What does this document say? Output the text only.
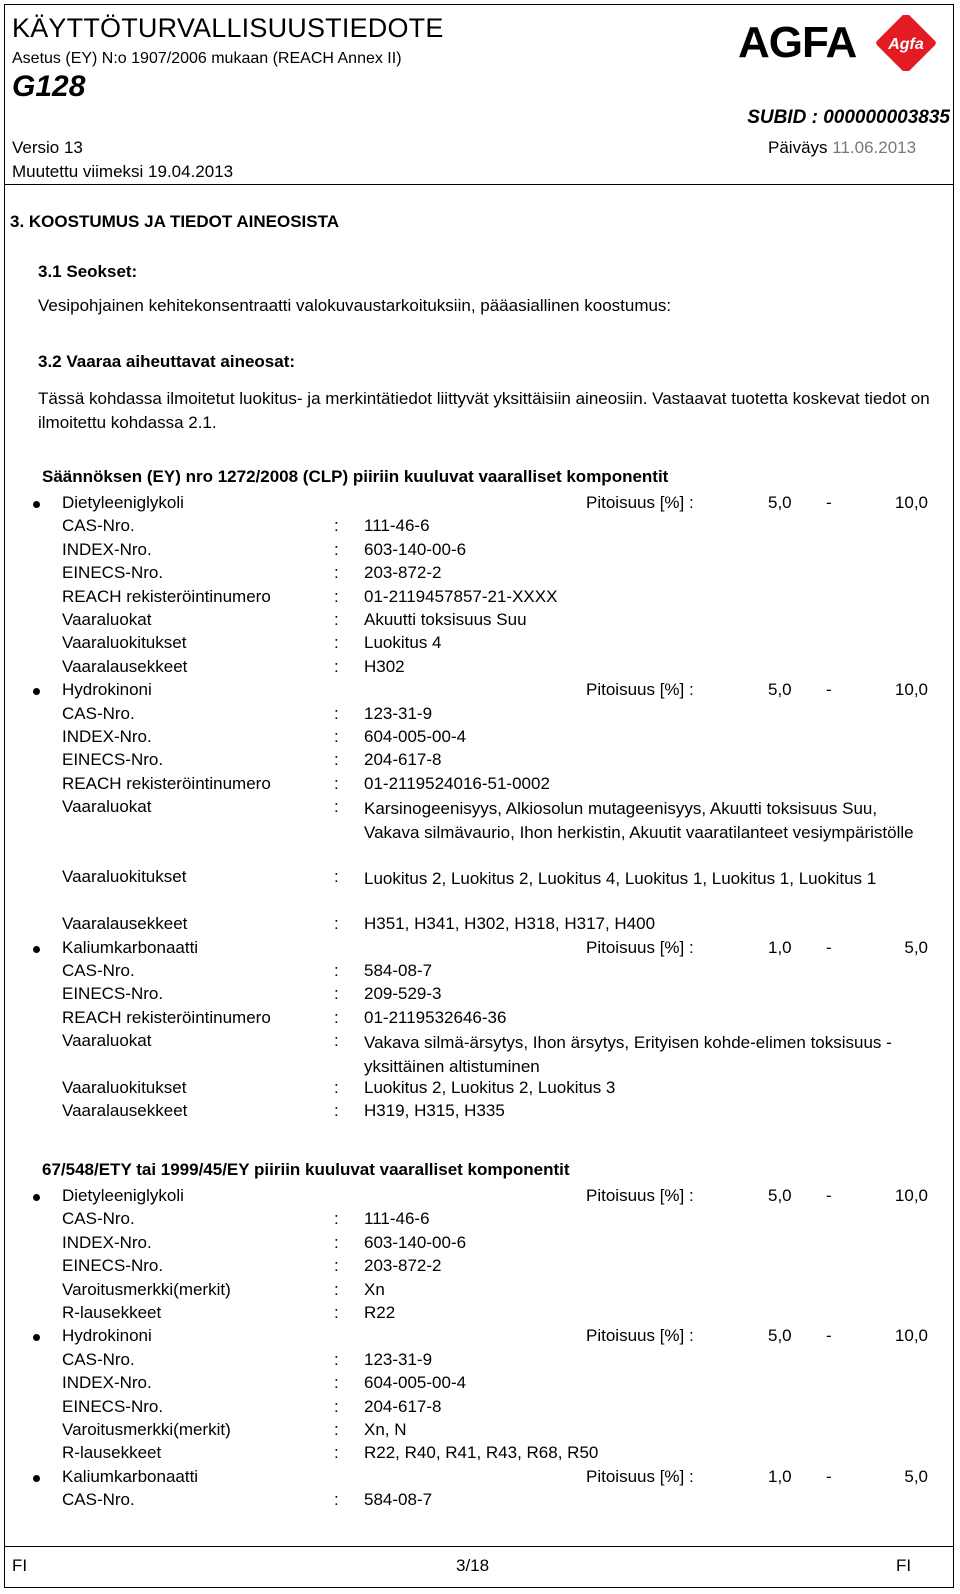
KÄYTTÖTURVALLISUUSTIEDOTE
Asetus (EY) N:o 1907/2006 mukaan (REACH Annex II)
G128
AGFA Agfa
SUBID : 000000003835
Versio 13
Muutettu viimeksi 19.04.2013
Päiväys 11.06.2013
3. KOOSTUMUS JA TIEDOT AINEOSISTA
3.1 Seokset:
Vesipohjainen kehitekonsentraatti valokuvaustarkoituksiin, pääasiallinen koostumus:
3.2 Vaaraa aiheuttavat aineosat:
Tässä kohdassa ilmoitetut luokitus- ja merkintätiedot liittyvät yksittäisiin aineosiin. Vastaavat tuotetta koskevat tiedot on ilmoitettu kohdassa 2.1.
Säännöksen (EY) nro 1272/2008 (CLP) piiriin kuuluvat vaaralliset komponentit
Dietyleeniglykoli	Pitoisuus [%] :	5,0 -	10,0
CAS-Nro.	: 111-46-6
INDEX-Nro.	: 603-140-00-6
EINECS-Nro.	: 203-872-2
REACH rekisteröintinumero	: 01-2119457857-21-XXXX
Vaaraluokat	: Akuutti toksisuus Suu
Vaaraluokitukset	: Luokitus 4
Vaaralausekkeet	: H302
Hydrokinoni	Pitoisuus [%] :	5,0 -	10,0
CAS-Nro.	: 123-31-9
INDEX-Nro.	: 604-005-00-4
EINECS-Nro.	: 204-617-8
REACH rekisteröintinumero	: 01-2119524016-51-0002
Vaaraluokat	: Karsinogeenisyys, Alkiosolun mutageenisyys, Akuutti toksisuus Suu, Vakava silmävaurio, Ihon herkistin, Akuutit vaaratilanteet vesiympäristölle
Vaaraluokitukset	: Luokitus 2, Luokitus 2, Luokitus 4, Luokitus 1, Luokitus 1, Luokitus 1
Vaaralausekkeet	: H351, H341, H302, H318, H317, H400
Kaliumkarbonaatti	Pitoisuus [%] :	1,0 -	5,0
CAS-Nro.	: 584-08-7
EINECS-Nro.	: 209-529-3
REACH rekisteröintinumero	: 01-2119532646-36
Vaaraluokat	: Vakava silmä-ärsytys, Ihon ärsytys, Erityisen kohde-elimen toksisuus - yksittäinen altistuminen
Vaaraluokitukset	: Luokitus 2, Luokitus 2, Luokitus 3
Vaaralausekkeet	: H319, H315, H335
67/548/ETY tai 1999/45/EY piiriin kuuluvat vaaralliset komponentit
Dietyleeniglykoli	Pitoisuus [%] :	5,0 -	10,0
CAS-Nro.	: 111-46-6
INDEX-Nro.	: 603-140-00-6
EINECS-Nro.	: 203-872-2
Varoitusmerkki(merkit)	: Xn
R-lausekkeet	: R22
Hydrokinoni	Pitoisuus [%] :	5,0 -	10,0
CAS-Nro.	: 123-31-9
INDEX-Nro.	: 604-005-00-4
EINECS-Nro.	: 204-617-8
Varoitusmerkki(merkit)	: Xn, N
R-lausekkeet	: R22, R40, R41, R43, R68, R50
Kaliumkarbonaatti	Pitoisuus [%] :	1,0 -	5,0
CAS-Nro.	: 584-08-7
FI	3/18	FI
